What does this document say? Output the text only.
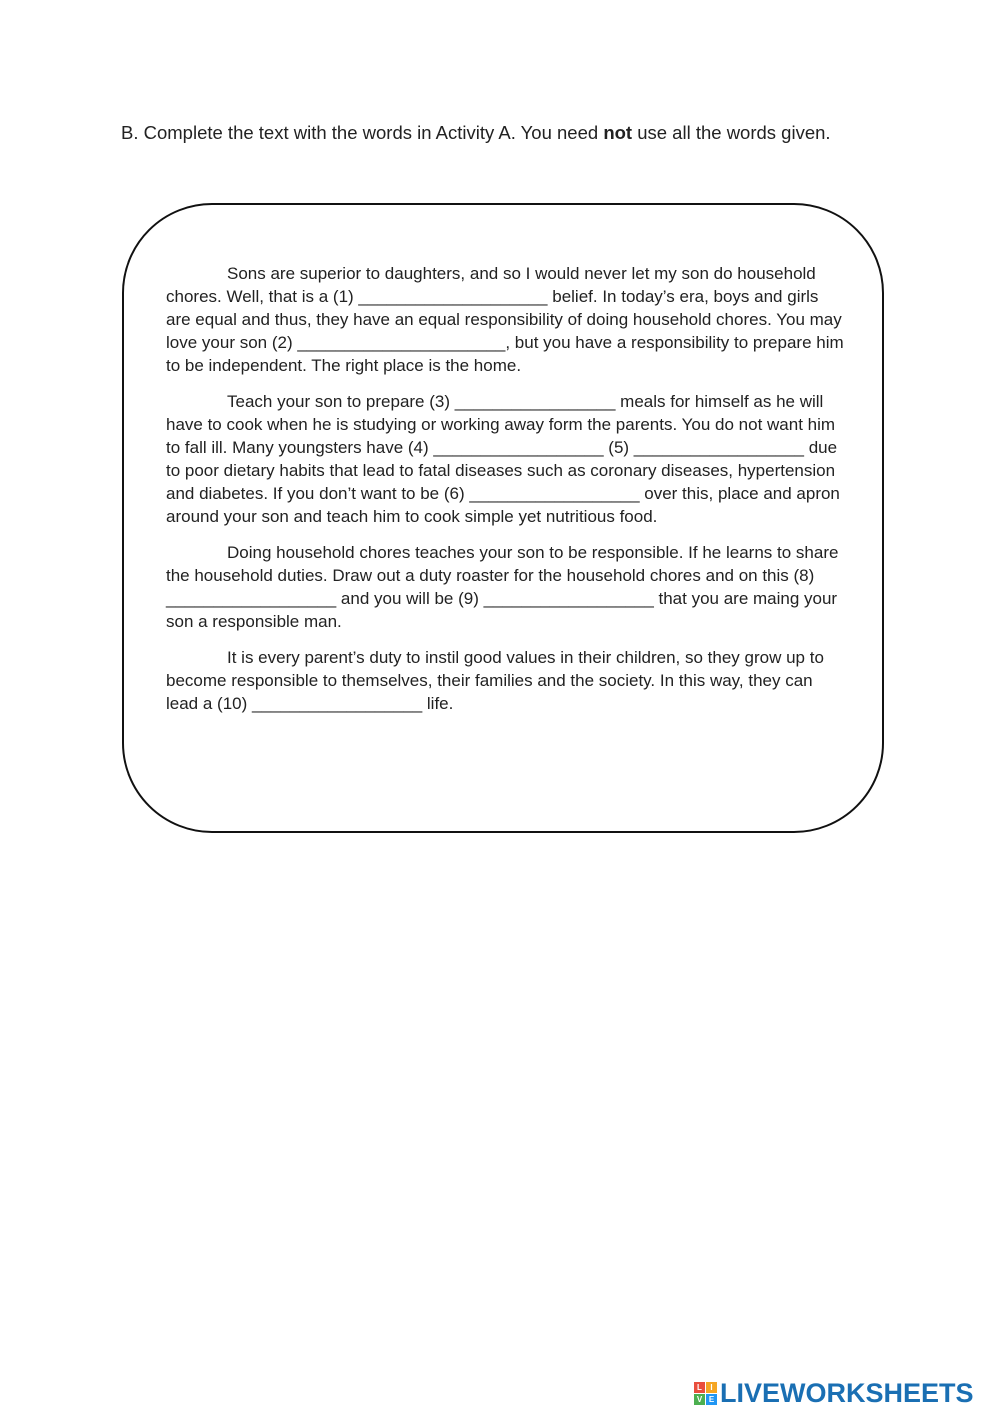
B. Complete the text with the words in Activity A. You need not use all the words given.

Sons are superior to daughters, and so I would never let my son do household chores. Well, that is a (1) ____________________ belief. In today’s era, boys and girls are equal and thus, they have an equal responsibility of doing household chores. You may love your son (2) ______________________, but you have a responsibility to prepare him to be independent. The right place is the home.

Teach your son to prepare (3) _________________ meals for himself as he will have to cook when he is studying or working away form the parents. You do not want him to fall ill. Many youngsters have (4) __________________ (5) __________________ due to poor dietary habits that lead to fatal diseases such as coronary diseases, hypertension and diabetes. If you don’t want to be (6) __________________ over this, place and apron around your son and teach him to cook simple yet nutritious food.

Doing household chores teaches your son to be responsible. If he learns to share the household duties. Draw out a duty roaster for the household chores and on this (8) __________________ and you will be (9) __________________ that you are maing your son a responsible man.

It is every parent’s duty to instil good values in their children, so they grow up to become responsible to themselves, their families and the society. In this way, they can lead a (10) __________________ life.

L	I
V E LIVEWORKSHEETS
